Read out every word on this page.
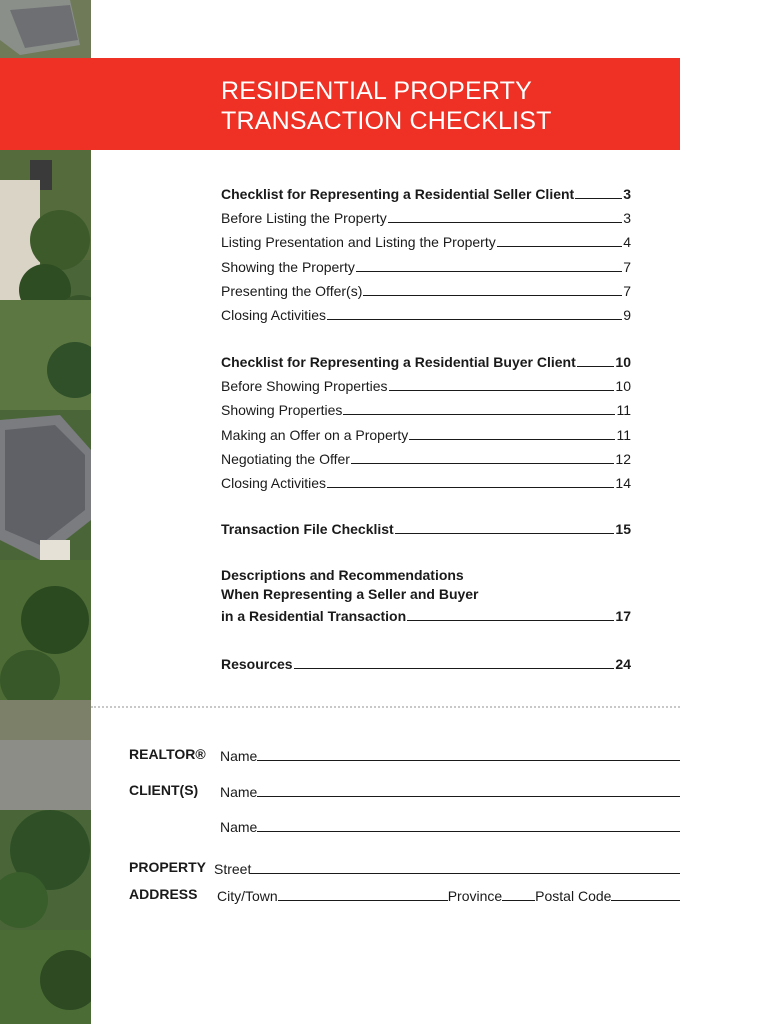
RESIDENTIAL PROPERTY
TRANSACTION CHECKLIST
Checklist for Representing a Residential Seller Client	3
Before Listing the Property	3
Listing Presentation and Listing the Property	4
Showing the Property	7
Presenting the Offer(s)	7
Closing Activities	9
Checklist for Representing a Residential Buyer Client	10
Before Showing Properties	10
Showing Properties	11
Making an Offer on a Property	11
Negotiating the Offer	12
Closing Activities	14
Transaction File Checklist	15
Descriptions and Recommendations
When Representing a Seller and Buyer
in a Residential Transaction	17
Resources	24
REALTOR® Name
CLIENT(S) Name
Name
PROPERTY Street
ADDRESS City/Town	Province Postal Code
